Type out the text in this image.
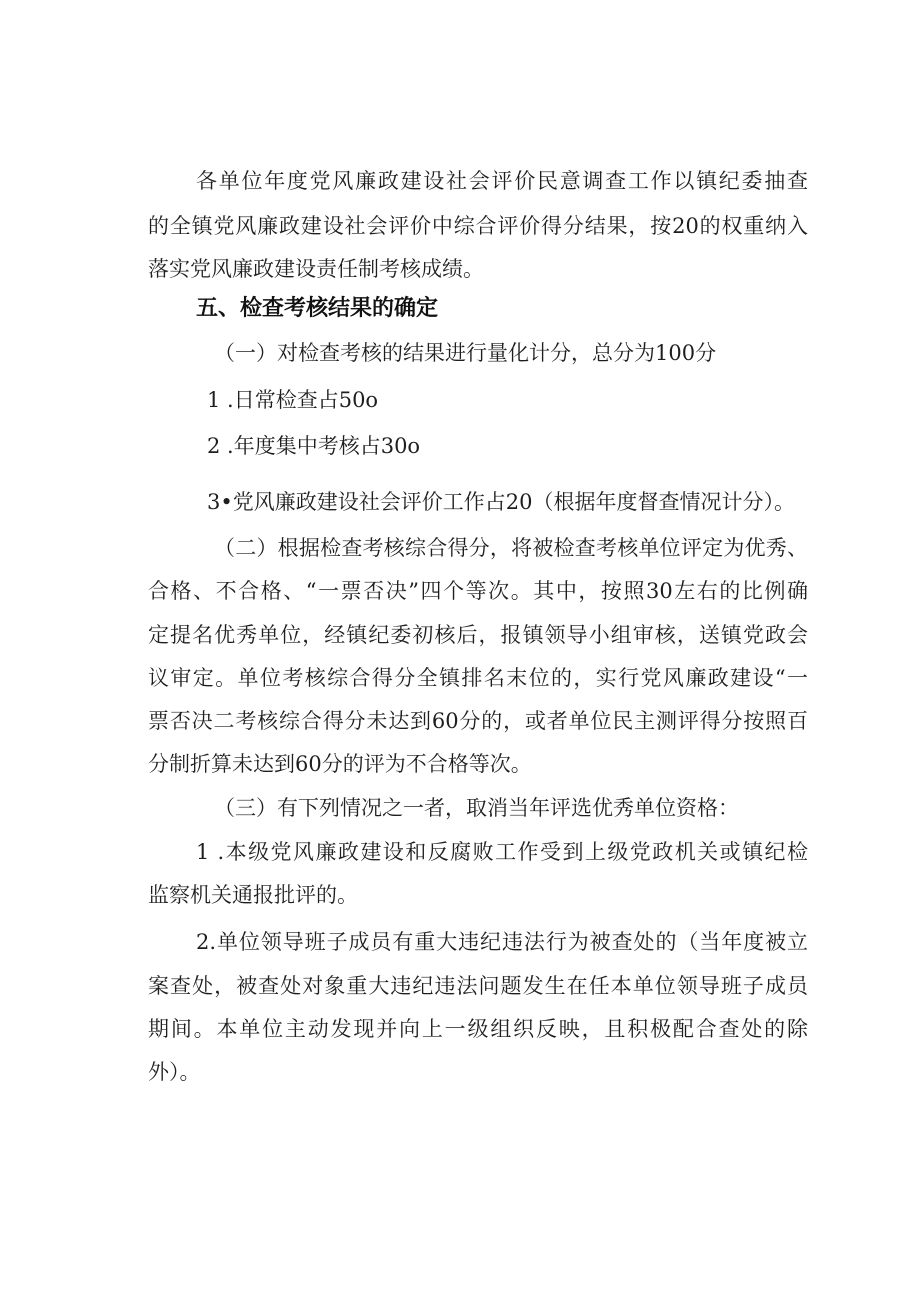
各单位年度党风廉政建设社会评价民意调查工作以镇纪委抽查
的全镇党风廉政建设社会评价中综合评价得分结果，按20的权重纳入
落实党风廉政建设责任制考核成绩。
五、检查考核结果的确定
（一）对检查考核的结果进行量化计分，总分为100分
1 .日常检查占50o
2 .年度集中考核占30o
3•党风廉政建设社会评价工作占20（根据年度督查情况计分）。
（二）根据检查考核综合得分，将被检查考核单位评定为优秀、
合格、不合格、“一票否决”四个等次。其中，按照30左右的比例确
定提名优秀单位，经镇纪委初核后，报镇领导小组审核，送镇党政会
议审定。单位考核综合得分全镇排名末位的，实行党风廉政建设“一
票否决二考核综合得分未达到60分的，或者单位民主测评得分按照百
分制折算未达到60分的评为不合格等次。
（三）有下列情况之一者，取消当年评选优秀单位资格：
1 .本级党风廉政建设和反腐败工作受到上级党政机关或镇纪检
监察机关通报批评的。
2.单位领导班子成员有重大违纪违法行为被查处的（当年度被立
案查处，被查处对象重大违纪违法问题发生在任本单位领导班子成员
期间。本单位主动发现并向上一级组织反映，且积极配合查处的除
外）。
